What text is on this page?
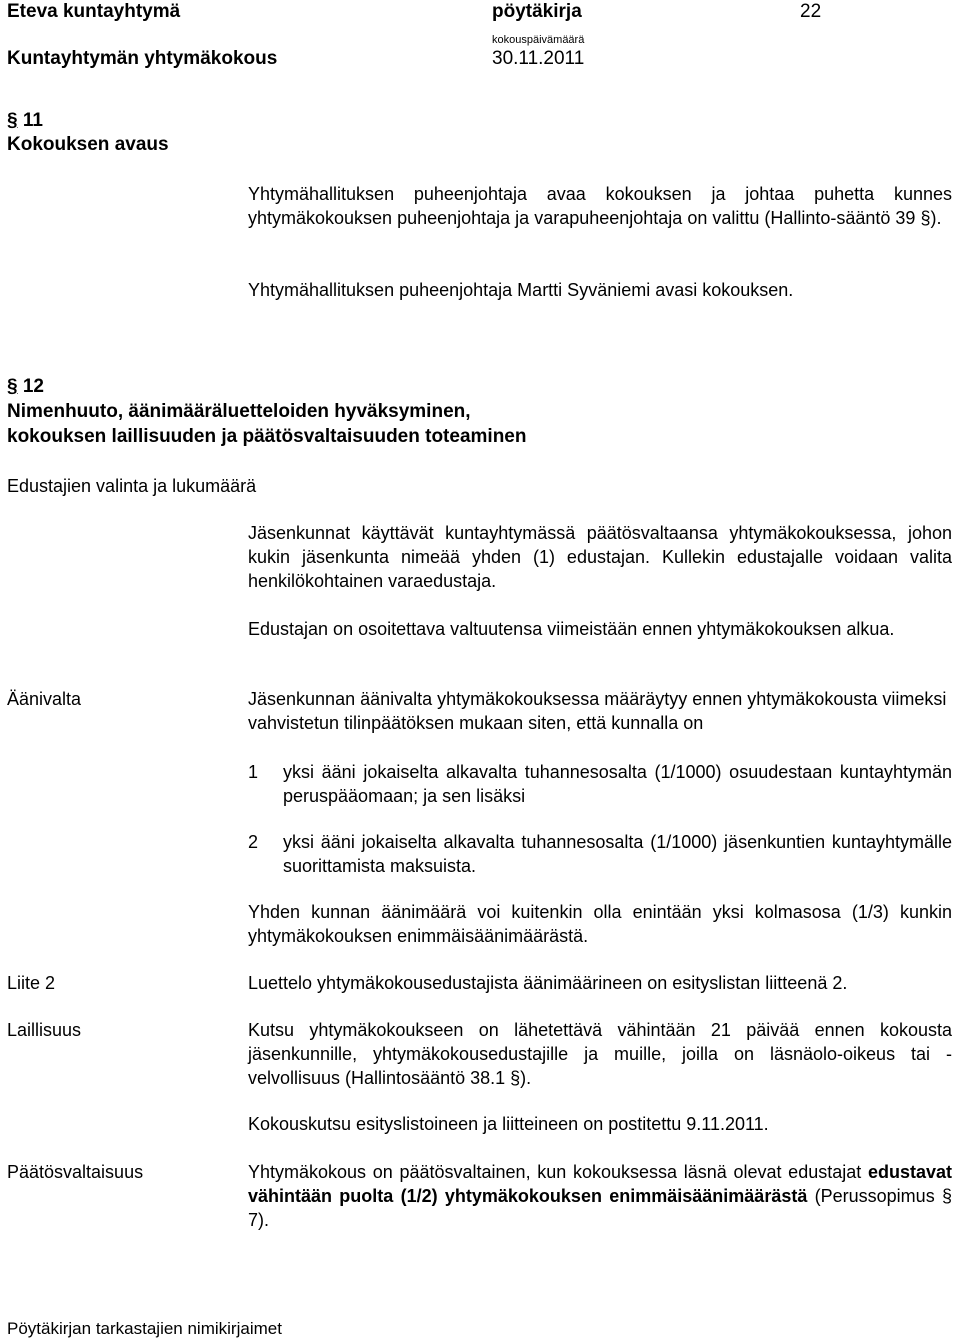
Eteva kuntayhtymä	pöytäkirja	22
Kuntayhtymän yhtymäkokous
kokouspäivämäärä
30.11.2011
§ 11
Kokouksen avaus
Yhtymähallituksen puheenjohtaja avaa kokouksen ja johtaa puhetta kunnes yhtymäkokouksen puheenjohtaja ja varapuheenjohtaja on valittu (Hallinto-sääntö 39 §).
Yhtymähallituksen puheenjohtaja Martti Syväniemi avasi kokouksen.
§ 12
Nimenhuuto, äänimääräluetteloiden hyväksyminen,
kokouksen laillisuuden ja päätösvaltaisuuden toteaminen
Edustajien valinta ja lukumäärä
Jäsenkunnat käyttävät kuntayhtymässä päätösvaltaansa yhtymäkokouksessa, johon kukin jäsenkunta nimeää yhden (1) edustajan. Kullekin edustajalle voidaan valita henkilökohtainen varaedustaja.
Edustajan on osoitettava valtuutensa viimeistään ennen yhtymäkokouksen alkua.
Äänivalta	Jäsenkunnan äänivalta yhtymäkokouksessa määräytyy ennen yhtymäkokousta viimeksi vahvistetun tilinpäätöksen mukaan siten, että kunnalla on
1 yksi ääni jokaiselta alkavalta tuhannesosalta (1/1000) osuudestaan kuntayhtymän peruspääomaan; ja sen lisäksi
2 yksi ääni jokaiselta alkavalta tuhannesosalta (1/1000) jäsenkuntien kuntayhtymälle suorittamista maksuista.
Yhden kunnan äänimäärä voi kuitenkin olla enintään yksi kolmasosa (1/3) kunkin yhtymäkokouksen enimmäisäänimäärästä.
Liite 2	Luettelo yhtymäkokousedustajista äänimäärineen on esityslistan liitteenä 2.
Laillisuus	Kutsu yhtymäkokoukseen on lähetettävä vähintään 21 päivää ennen kokousta jäsenkunnille, yhtymäkokousedustajille ja muille, joilla on läsnäolo-oikeus tai -velvollisuus (Hallintosääntö 38.1 §).
Kokouskutsu esityslistoineen ja liitteineen on postitettu 9.11.2011.
Päätösvaltaisuus	Yhtymäkokous on päätösvaltainen, kun kokouksessa läsnä olevat edustajat edustavat vähintään puolta (1/2) yhtymäkokouksen enimmäisäänimäärästä (Perussopimus § 7).
Pöytäkirjan tarkastajien nimikirjaimet
